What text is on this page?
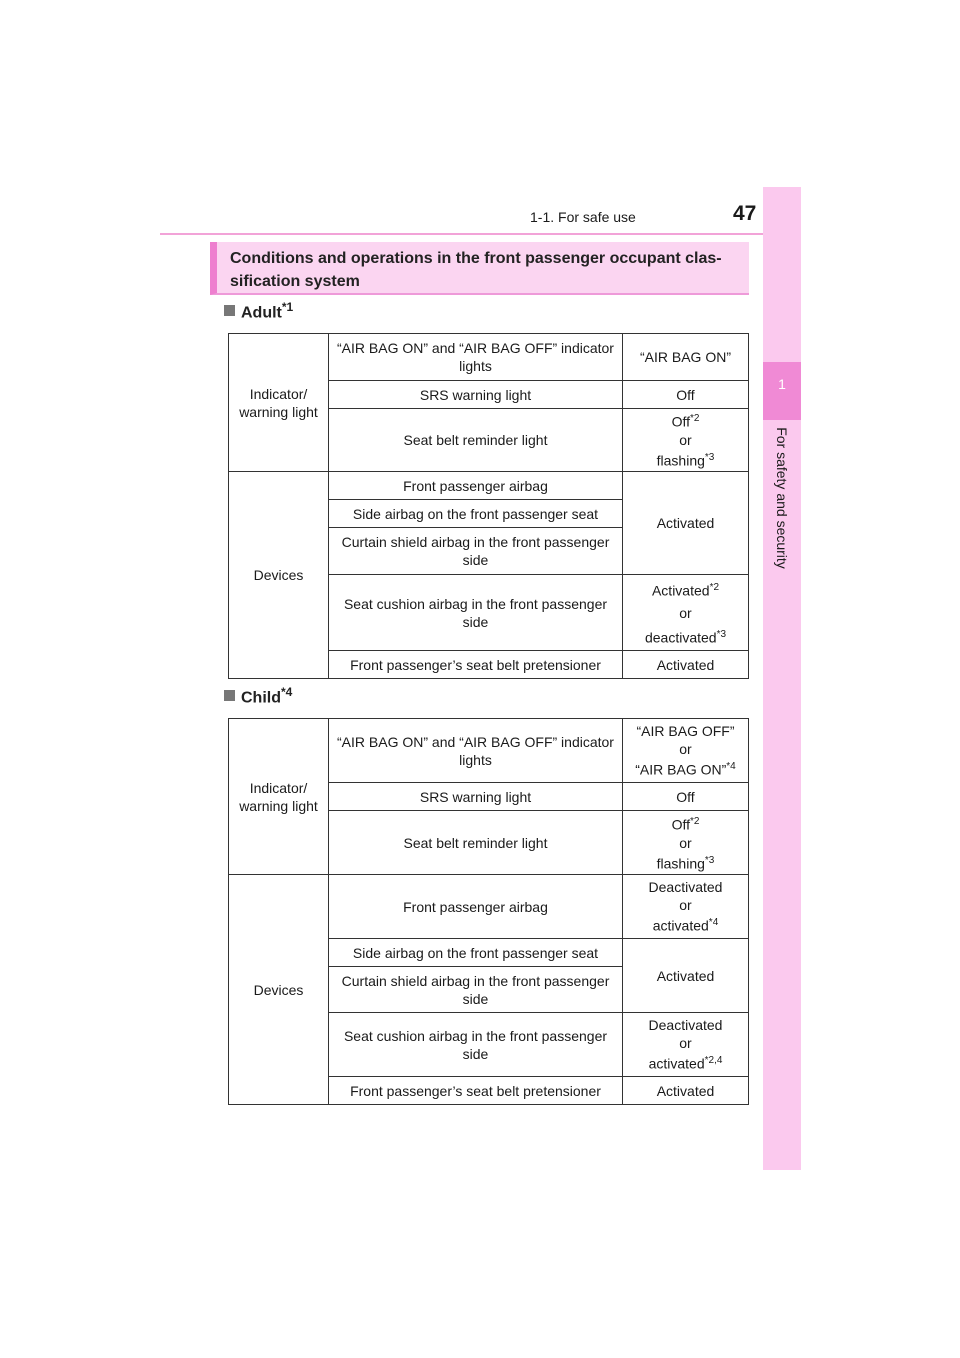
1-1. For safe use	47
1
For safety and security
Conditions and operations in the front passenger occupant clas-sification system
Adult$^{*1}$
Indicator/ warning light	“AIR BAG ON” and “AIR BAG OFF” indicator lights	“AIR BAG ON”
	SRS warning light	Off
	Seat belt reminder light	Off$^{*2}$
or
flashing$^{*3}$
Devices	Front passenger airbag	Activated
	Side airbag on the front passenger seat	
	Curtain shield airbag in the front passenger side	
	Seat cushion airbag in the front passenger side	Activated$^{*2}$
or
deactivated$^{*3}$
	Front passenger’s seat belt pretensioner	Activated
Child$^{*4}$
Indicator/ warning light	“AIR BAG ON” and “AIR BAG OFF” indicator lights	“AIR BAG OFF”
or
“AIR BAG ON”$^{*4}$
	SRS warning light	Off
	Seat belt reminder light	Off$^{*2}$
or
flashing$^{*3}$
Devices	Front passenger airbag	Deactivated
or
activated$^{*4}$
	Side airbag on the front passenger seat	Activated
	Curtain shield airbag in the front passenger side	
	Seat cushion airbag in the front passenger side	Deactivated
or
activated$^{*2,4}$
	Front passenger’s seat belt pretensioner	Activated
